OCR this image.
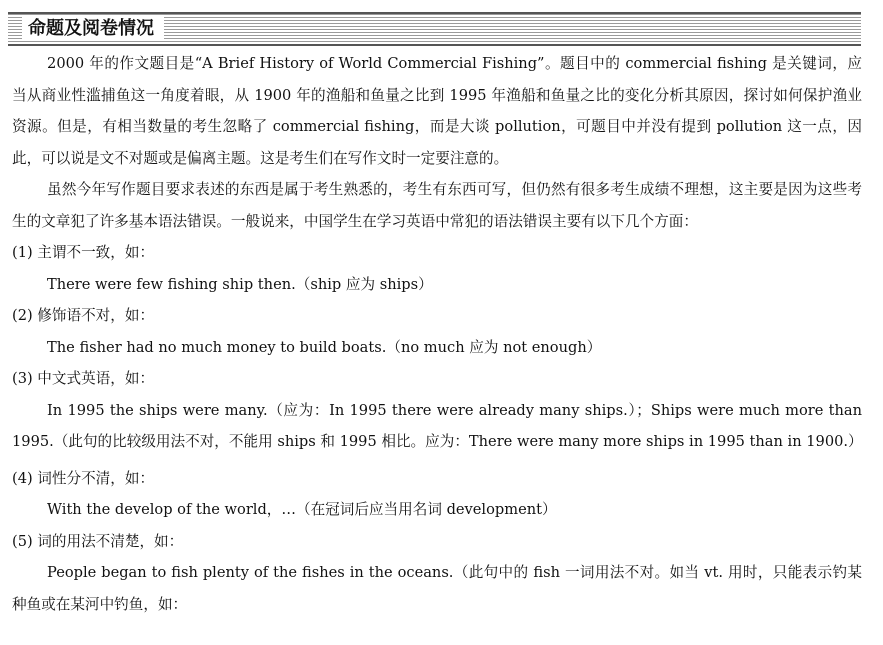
命题及阅卷情况

2000 年的作文题目是“A Brief History of World Commercial Fishing”。题目中的 commercial fishing 是关键词，应当从商业性滥捕鱼这一角度着眼，从 1900 年的渔船和鱼量之比到 1995 年渔船和鱼量之比的变化分析其原因，探讨如何保护渔业资源。但是，有相当数量的考生忽略了 commercial fishing，而是大谈 pollution，可题目中并没有提到 pollution 这一点，因此，可以说是文不对题或是偏离主题。这是考生们在写作文时一定要注意的。

虽然今年写作题目要求表述的东西是属于考生熟悉的，考生有东西可写，但仍然有很多考生成绩不理想，这主要是因为这些考生的文章犯了许多基本语法错误。一般说来，中国学生在学习英语中常犯的语法错误主要有以下几个方面：

(1) 主谓不一致，如：

There were few fishing ship then.（ship 应为 ships）

(2) 修饰语不对，如：

The fisher had no much money to build boats.（no much 应为 not enough）

(3) 中文式英语，如：

In 1995 the ships were many.（应为：In 1995 there were already many ships.）；Ships were much more than 1995.（此句的比较级用法不对，不能用 ships 和 1995 相比。应为：There were many more ships in 1995 than in 1900.）

(4) 词性分不清，如：

With the develop of the world，…（在冠词后应当用名词 development）

(5) 词的用法不清楚，如：

People began to fish plenty of the fishes in the oceans.（此句中的 fish 一词用法不对。如当 vt. 用时，只能表示钓某种鱼或在某河中钓鱼，如：
